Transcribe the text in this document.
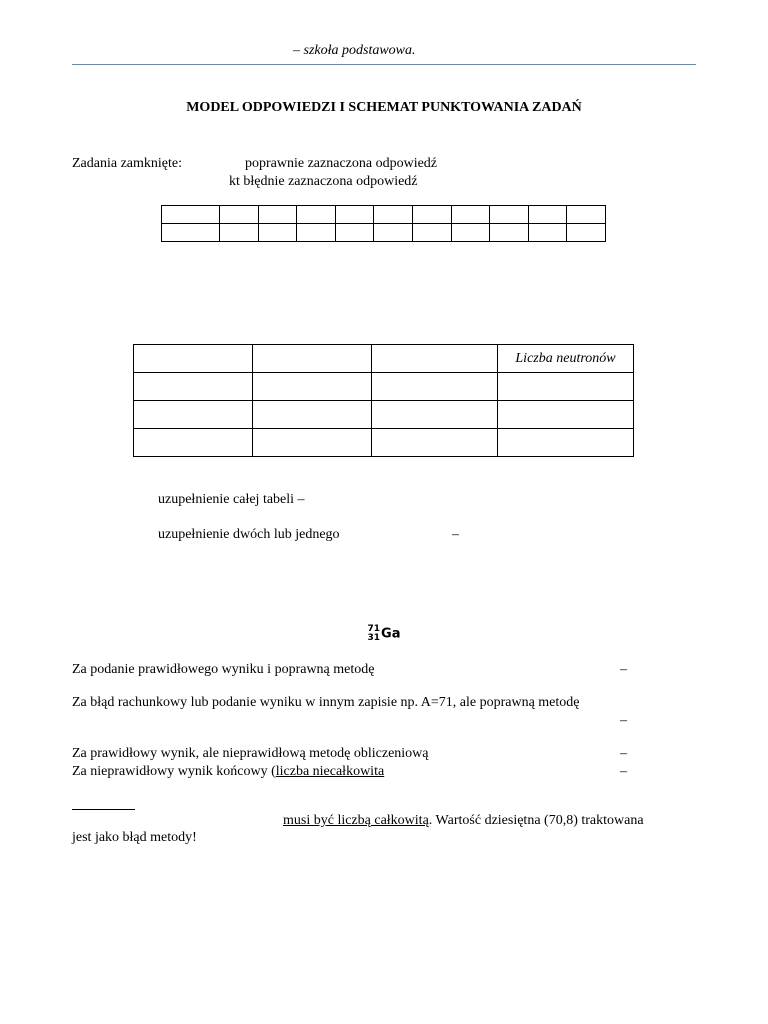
– szkoła podstawowa.
MODEL ODPOWIEDZI I SCHEMAT PUNKTOWANIA ZADAŃ
Zadania zamknięte:	poprawnie zaznaczona odpowiedź
kt błędnie zaznaczona odpowiedź

			Liczba neutronów

uzupełnienie całej tabeli –
uzupełnienie dwóch lub jednego	–
71
31 Ga
Za podanie prawidłowego wyniku i poprawną metodę	–
Za błąd rachunkowy lub podanie wyniku w innym zapisie np. A=71, ale poprawną metodę
–
Za prawidłowy wynik, ale nieprawidłową metodę obliczeniową	–
Za nieprawidłowy wynik końcowy (liczba niecałkowita	–
musi być liczbą całkowitą. Wartość dziesiętna (70,8) traktowana
jest jako błąd metody!
